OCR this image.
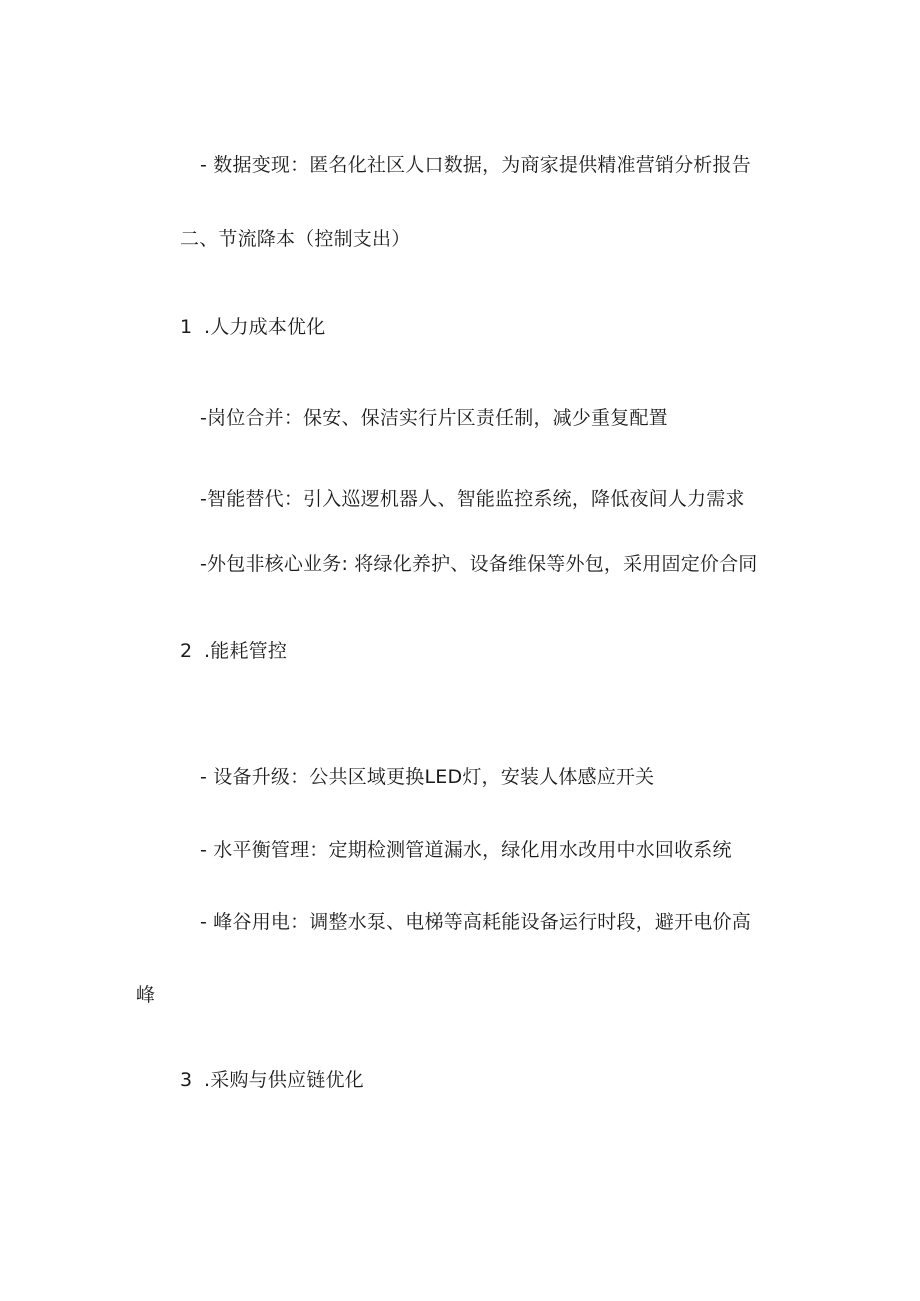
- 数据变现：匿名化社区人口数据，为商家提供精准营销分析报告
二、节流降本（控制支出）
1 .人力成本优化
-岗位合并：保安、保洁实行片区责任制，减少重复配置
-智能替代：引入巡逻机器人、智能监控系统，降低夜间人力需求
-外包非核心业务: 将绿化养护、设备维保等外包，采用固定价合同
2 .能耗管控
- 设备升级：公共区域更换LED灯，安装人体感应开关
- 水平衡管理：定期检测管道漏水，绿化用水改用中水回收系统
- 峰谷用电：调整水泵、电梯等高耗能设备运行时段，避开电价高
峰
3 .采购与供应链优化
